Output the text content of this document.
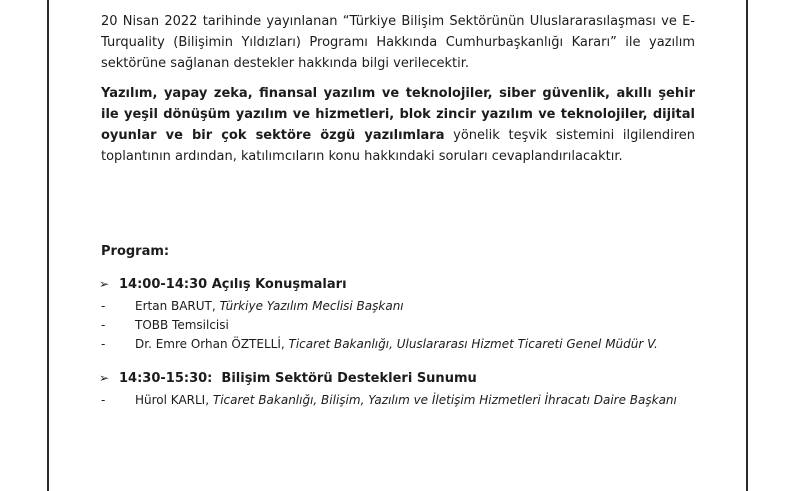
20 Nisan 2022 tarihinde yayınlanan “Türkiye Bilişim Sektörünün Uluslararasılaşması ve E-Turquality (Bilişimin Yıldızları) Programı Hakkında Cumhurbaşkanlığı Kararı” ile yazılım sektörüne sağlanan destekler hakkında bilgi verilecektir.

Yazılım, yapay zeka, finansal yazılım ve teknolojiler, siber güvenlik, akıllı şehir ile yeşil dönüşüm yazılım ve hizmetleri, blok zincir yazılım ve teknolojiler, dijital oyunlar ve bir çok sektöre özgü yazılımlara yönelik teşvik sistemini ilgilendiren toplantının ardından, katılımcıların konu hakkındaki soruları cevaplandırılacaktır.

Program:
➢ 14:00-14:30
Açılış Konuşmaları
-	Ertan BARUT, Türkiye Yazılım Meclisi Başkanı
-	TOBB Temsilcisi
-	Dr. Emre Orhan ÖZTELLİ, Ticaret Bakanlığı, Uluslararası Hizmet Ticareti Genel Müdür V.
➢ 14:30-15:30:
Bilişim Sektörü Destekleri Sunumu
-	Hürol KARLI, Ticaret Bakanlığı, Bilişim, Yazılım ve İletişim Hizmetleri İhracatı Daire Başkanı
